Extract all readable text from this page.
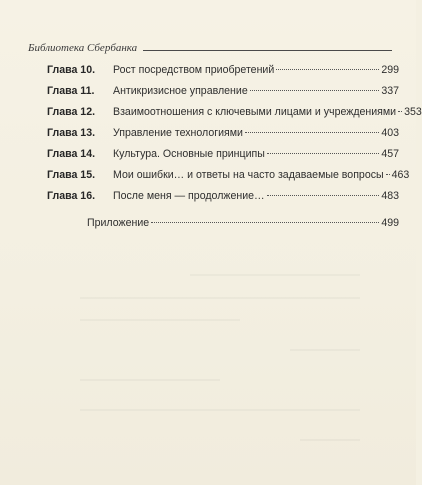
Библиотека Сбербанка
Глава 10.	Рост посредством приобретений	299
Глава 11.	Антикризисное управление	337
Глава 12.	Взаимоотношения с ключевыми лицами и учреждениями 353
Глава 13.	Управление технологиями	403
Глава 14.	Культура. Основные принципы	457
Глава 15.	Мои ошибки… и ответы на часто задаваемые вопросы 463
Глава 16.	После меня — продолжение…	483
Приложение	499
